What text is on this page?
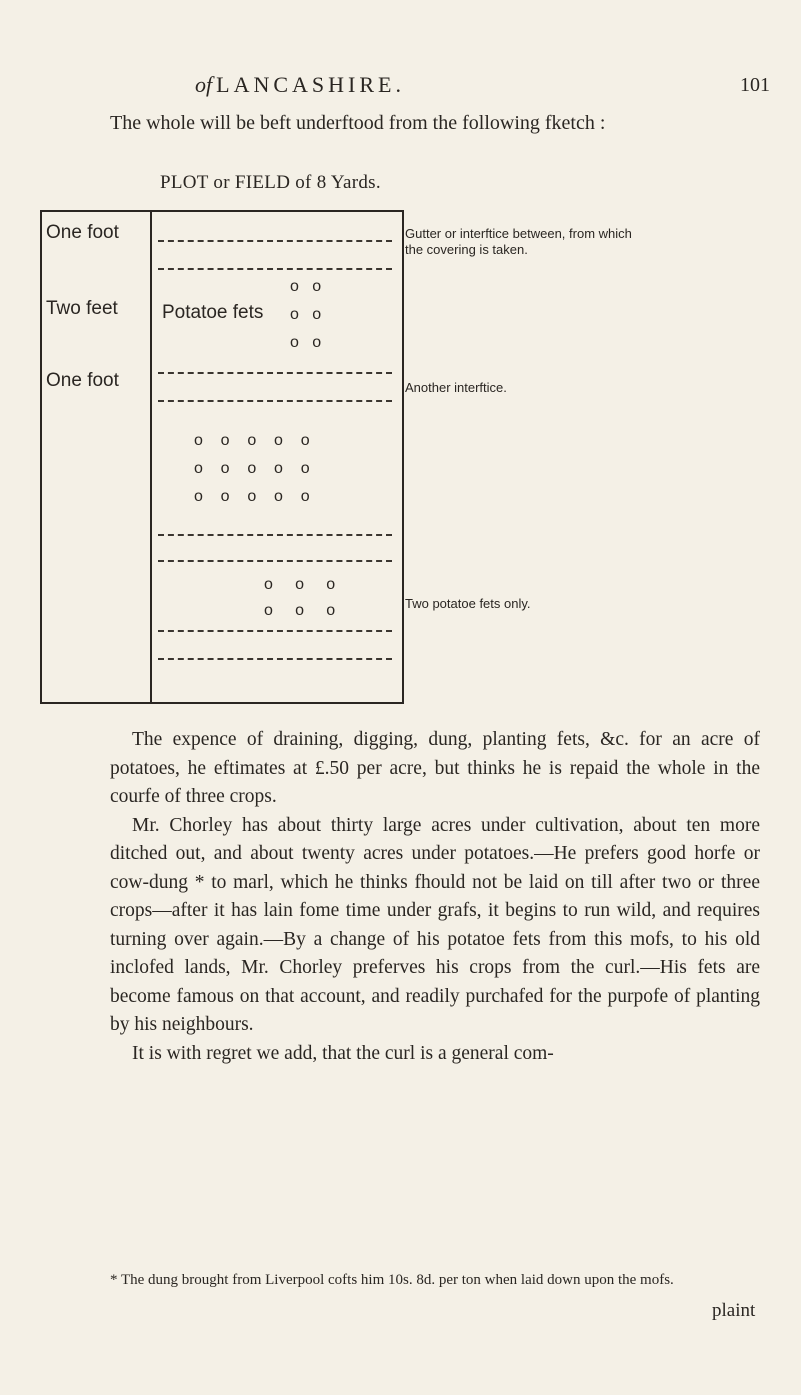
of LANCASHIRE.	101
The whole will be beft underftood from the following fketch :
PLOT or FIELD of 8 Yards.
One foot
Two feet
One foot
Potatoe fets
o   o
o   o
o   o
o    o    o    o    o
o    o    o    o    o
o    o    o    o    o
o     o     o
o     o     o
Gutter or interftice between, from which the covering is taken.
Another interftice.
Two potatoe fets only.

The expence of draining, digging, dung, planting fets, &c. for an acre of potatoes, he eftimates at £.50 per acre, but thinks he is repaid the whole in the courfe of three crops.

Mr. Chorley has about thirty large acres under cultivation, about ten more ditched out, and about twenty acres under potatoes.—He prefers good horfe or cow-dung * to marl, which he thinks fhould not be laid on till after two or three crops—after it has lain fome time under grafs, it begins to run wild, and requires turning over again.—By a change of his potatoe fets from this mofs, to his old inclofed lands, Mr. Chorley preferves his crops from the curl.—His fets are become famous on that account, and readily purchafed for the purpofe of planting by his neighbours.

It is with regret we add, that the curl is a general com-

* The dung brought from Liverpool cofts him 10s. 8d. per ton when laid down upon the mofs.
plaint
